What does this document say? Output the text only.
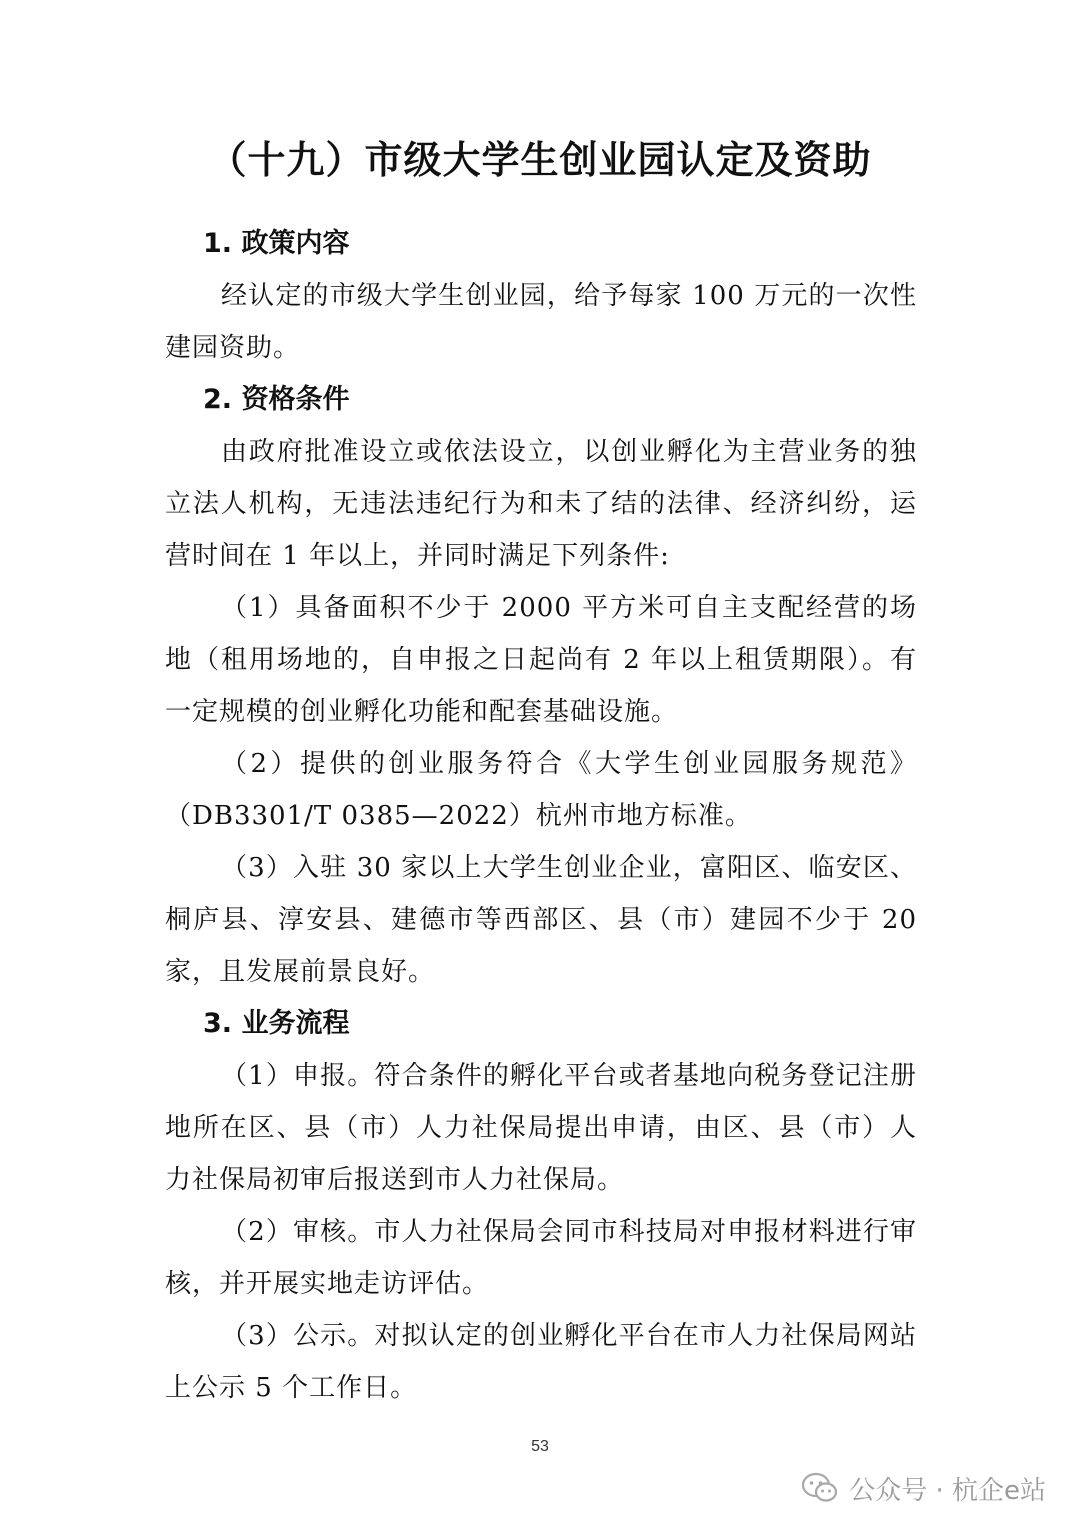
（十九）市级大学生创业园认定及资助

1. 政策内容

经认定的市级大学生创业园，给予每家 100 万元的一次性建园资助。

2. 资格条件

由政府批准设立或依法设立，以创业孵化为主营业务的独立法人机构，无违法违纪行为和未了结的法律、经济纠纷，运营时间在 1 年以上，并同时满足下列条件:

（1）具备面积不少于 2000 平方米可自主支配经营的场地（租用场地的，自申报之日起尚有 2 年以上租赁期限）。有一定规模的创业孵化功能和配套基础设施。

（2）提供的创业服务符合《大学生创业园服务规范》（DB3301/T 0385—2022）杭州市地方标准。

（3）入驻 30 家以上大学生创业企业，富阳区、临安区、桐庐县、淳安县、建德市等西部区、县（市）建园不少于 20 家，且发展前景良好。

3. 业务流程

（1）申报。符合条件的孵化平台或者基地向税务登记注册地所在区、县（市）人力社保局提出申请，由区、县（市）人力社保局初审后报送到市人力社保局。

（2）审核。市人力社保局会同市科技局对申报材料进行审核，并开展实地走访评估。

（3）公示。对拟认定的创业孵化平台在市人力社保局网站上公示 5 个工作日。

53
公众号 · 杭企e站
